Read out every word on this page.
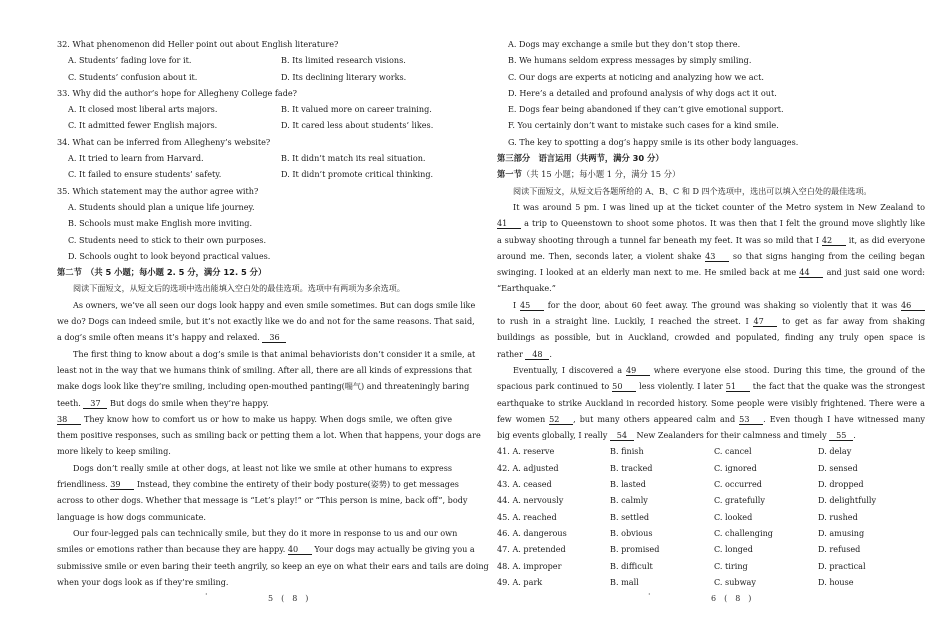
32. What phenomenon did Heller point out about English literature?
A. Students’ fading love for it.	B. Its limited research visions.
C. Students’ confusion about it.	D. Its declining literary works.
33. Why did the author’s hope for Allegheny College fade?
A. It closed most liberal arts majors.	B. It valued more on career training.
C. It admitted fewer English majors.	D. It cared less about students’ likes.
34. What can be inferred from Allegheny’s website?
A. It tried to learn from Harvard.	B. It didn’t match its real situation.
C. It failed to ensure students’ safety.	D. It didn’t promote critical thinking.
35. Which statement may the author agree with?
A. Students should plan a unique life journey.
B. Schools must make English more inviting.
C. Students need to stick to their own purposes.
D. Schools ought to look beyond practical values.
第二节　（共 5 小题；每小题 2. 5 分，满分 12. 5 分）
阅读下面短文，从短文后的选项中选出能填入空白处的最佳选项。选项中有两项为多余选项。
As owners, we’ve all seen our dogs look happy and even smile sometimes. But can dogs smile like
we do? Dogs can indeed smile, but it’s not exactly like we do and not for the same reasons. That said,
a dog’s smile often means it’s happy and relaxed. 36
The first thing to know about a dog’s smile is that animal behaviorists don’t consider it a smile, at
least not in the way that we humans think of smiling. After all, there are all kinds of expressions that
make dogs look like they’re smiling, including open-mouthed panting(喘气) and threateningly baring
teeth. 37 But dogs do smile when they’re happy.
38 They know how to comfort us or how to make us happy. When dogs smile, we often give
them positive responses, such as smiling back or petting them a lot. When that happens, your dogs are
more likely to keep smiling.
Dogs don’t really smile at other dogs, at least not like we smile at other humans to express
friendliness. 39 Instead, they combine the entirety of their body posture(姿势) to get messages
across to other dogs. Whether that message is “Let’s play!” or “This person is mine, back off”, body
language is how dogs communicate.
Our four-legged pals can technically smile, but they do it more in response to us and our own
smiles or emotions rather than because they are happy. 40 Your dogs may actually be giving you a
submissive smile or even baring their teeth angrily, so keep an eye on what their ears and tails are doing
when your dogs look as if they’re smiling.
A. Dogs may exchange a smile but they don’t stop there.
B. We humans seldom express messages by simply smiling.
C. Our dogs are experts at noticing and analyzing how we act.
D. Here’s a detailed and profound analysis of why dogs act it out.
E. Dogs fear being abandoned if they can’t give emotional support.
F. You certainly don’t want to mistake such cases for a kind smile.
G. The key to spotting a dog’s happy smile is its other body languages.
第三部分　语言运用（共两节，满分 30 分）
第一节（共 15 小题；每小题 1 分，满分 15 分）
阅读下面短文，从短文后各题所给的 A、B、C 和 D 四个选项中，选出可以填入空白处的最佳选项。
It was around 5 pm. I was lined up at the ticket counter of the Metro system in New Zealand to
41 a trip to Queenstown to shoot some photos. It was then that I felt the ground move slightly like
a subway shooting through a tunnel far beneath my feet. It was so mild that I 42 it, as did everyone
around me. Then, seconds later, a violent shake 43 so that signs hanging from the ceiling began
swinging. I looked at an elderly man next to me. He smiled back at me 44 and just said one word:
“Earthquake.”
I 45 for the door, about 60 feet away. The ground was shaking so violently that it was 46
to rush in a straight line. Luckily, I reached the street. I 47 to get as far away from shaking
buildings as possible, but in Auckland, crowded and populated, finding any truly open space is
rather 48 .
Eventually, I discovered a 49 where everyone else stood. During this time, the ground of the
spacious park continued to 50 less violently. I later 51 the fact that the quake was the strongest
earthquake to strike Auckland in recorded history. Some people were visibly frightened. There were a
few women 52 , but many others appeared calm and 53 . Even though I have witnessed many
big events globally, I really 54 New Zealanders for their calmness and timely 55 .
41. A. reserve	B. finish	C. cancel	D. delay
42. A. adjusted	B. tracked	C. ignored	D. sensed
43. A. ceased	B. lasted	C. occurred	D. dropped
44. A. nervously	B. calmly	C. gratefully	D. delightfully
45. A. reached	B. settled	C. looked	D. rushed
46. A. dangerous	B. obvious	C. challenging	D. amusing
47. A. pretended	B. promised	C. longed	D. refused
48. A. improper	B. difficult	C. tiring	D. practical
49. A. park	B. mall	C. subway	D. house
·	5　(　8　)	·	6　(　8　)
